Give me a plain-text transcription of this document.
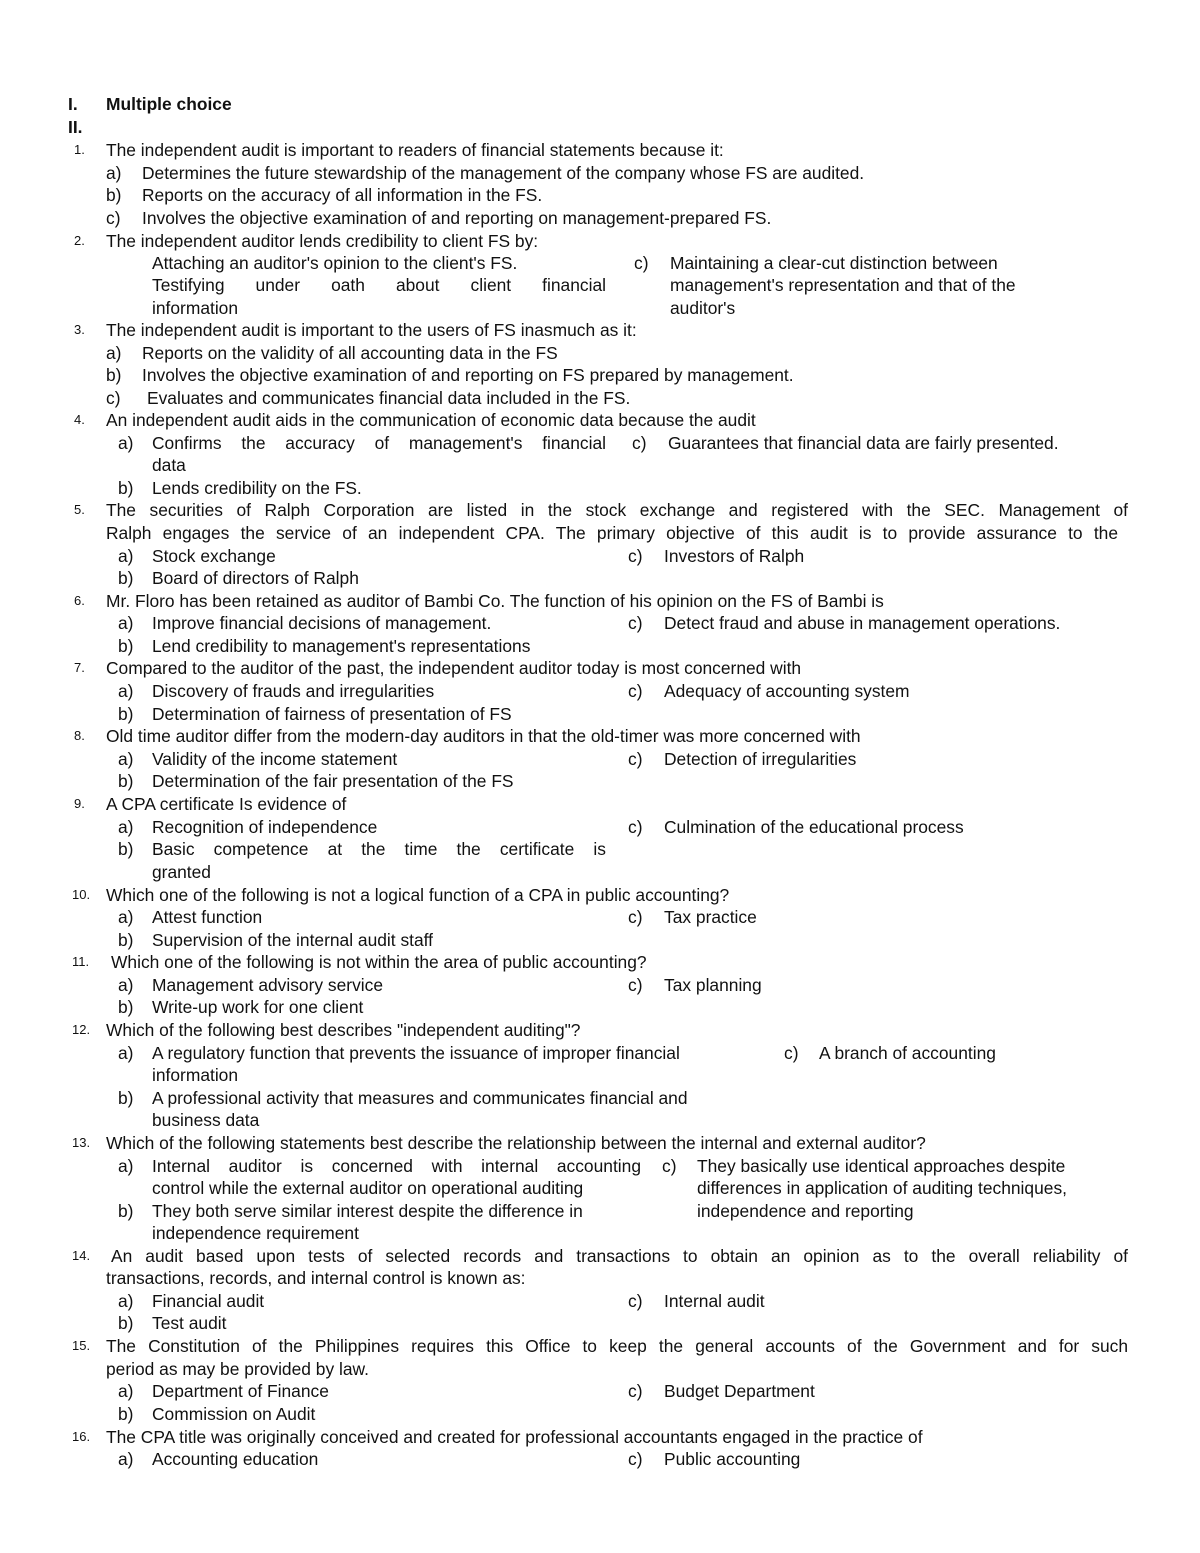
I. Multiple choice
II.
1. The independent audit is important to readers of financial statements because it:
a) Determines the future stewardship of the management of the company whose FS are audited.
b) Reports on the accuracy of all information in the FS.
c) Involves the objective examination of and reporting on management-prepared FS.
2. The independent auditor lends credibility to client FS by:
Attaching an auditor's opinion to the client's FS.
Testifying under oath about client financial
information
c) Maintaining a clear-cut distinction between
management's representation and that of the
auditor's
3. The independent audit is important to the users of FS inasmuch as it:
a) Reports on the validity of all accounting data in the FS
b) Involves the objective examination of and reporting on FS prepared by management.
c) Evaluates and communicates financial data included in the FS.
4. An independent audit aids in the communication of economic data because the audit
a) Confirms the accuracy of management's financial
data
b) Lends credibility on the FS.
c) Guarantees that financial data are fairly presented.
5. The securities of Ralph Corporation are listed in the stock exchange and registered with the SEC. Management of
Ralph engages the service of an independent CPA. The primary objective of this audit is to provide assurance to the
a) Stock exchange
b) Board of directors of Ralph
c) Investors of Ralph
6. Mr. Floro has been retained as auditor of Bambi Co. The function of his opinion on the FS of Bambi is
a) Improve financial decisions of management.
b) Lend credibility to management's representations
c) Detect fraud and abuse in management operations.
7. Compared to the auditor of the past, the independent auditor today is most concerned with
a) Discovery of frauds and irregularities
b) Determination of fairness of presentation of FS
c) Adequacy of accounting system
8. Old time auditor differ from the modern-day auditors in that the old-timer was more concerned with
a) Validity of the income statement
b) Determination of the fair presentation of the FS
c) Detection of irregularities
9. A CPA certificate Is evidence of
a) Recognition of independence
b) Basic competence at the time the certificate is
granted
c) Culmination of the educational process
10. Which one of the following is not a logical function of a CPA in public accounting?
a) Attest function
b) Supervision of the internal audit staff
c) Tax practice
11. Which one of the following is not within the area of public accounting?
a) Management advisory service
b) Write-up work for one client
c) Tax planning
12. Which of the following best describes "independent auditing"?
a) A regulatory function that prevents the issuance of improper financial
information
b) A professional activity that measures and communicates financial and
business data
c) A branch of accounting
13. Which of the following statements best describe the relationship between the internal and external auditor?
a) Internal auditor is concerned with internal accounting
control while the external auditor on operational auditing
b) They both serve similar interest despite the difference in
independence requirement
c) They basically use identical approaches despite
differences in application of auditing techniques,
independence and reporting
14. An audit based upon tests of selected records and transactions to obtain an opinion as to the overall reliability of
transactions, records, and internal control is known as:
a) Financial audit
b) Test audit
c) Internal audit
15. The Constitution of the Philippines requires this Office to keep the general accounts of the Government and for such
period as may be provided by law.
a) Department of Finance
b) Commission on Audit
c) Budget Department
16. The CPA title was originally conceived and created for professional accountants engaged in the practice of
a) Accounting education	c) Public accounting
